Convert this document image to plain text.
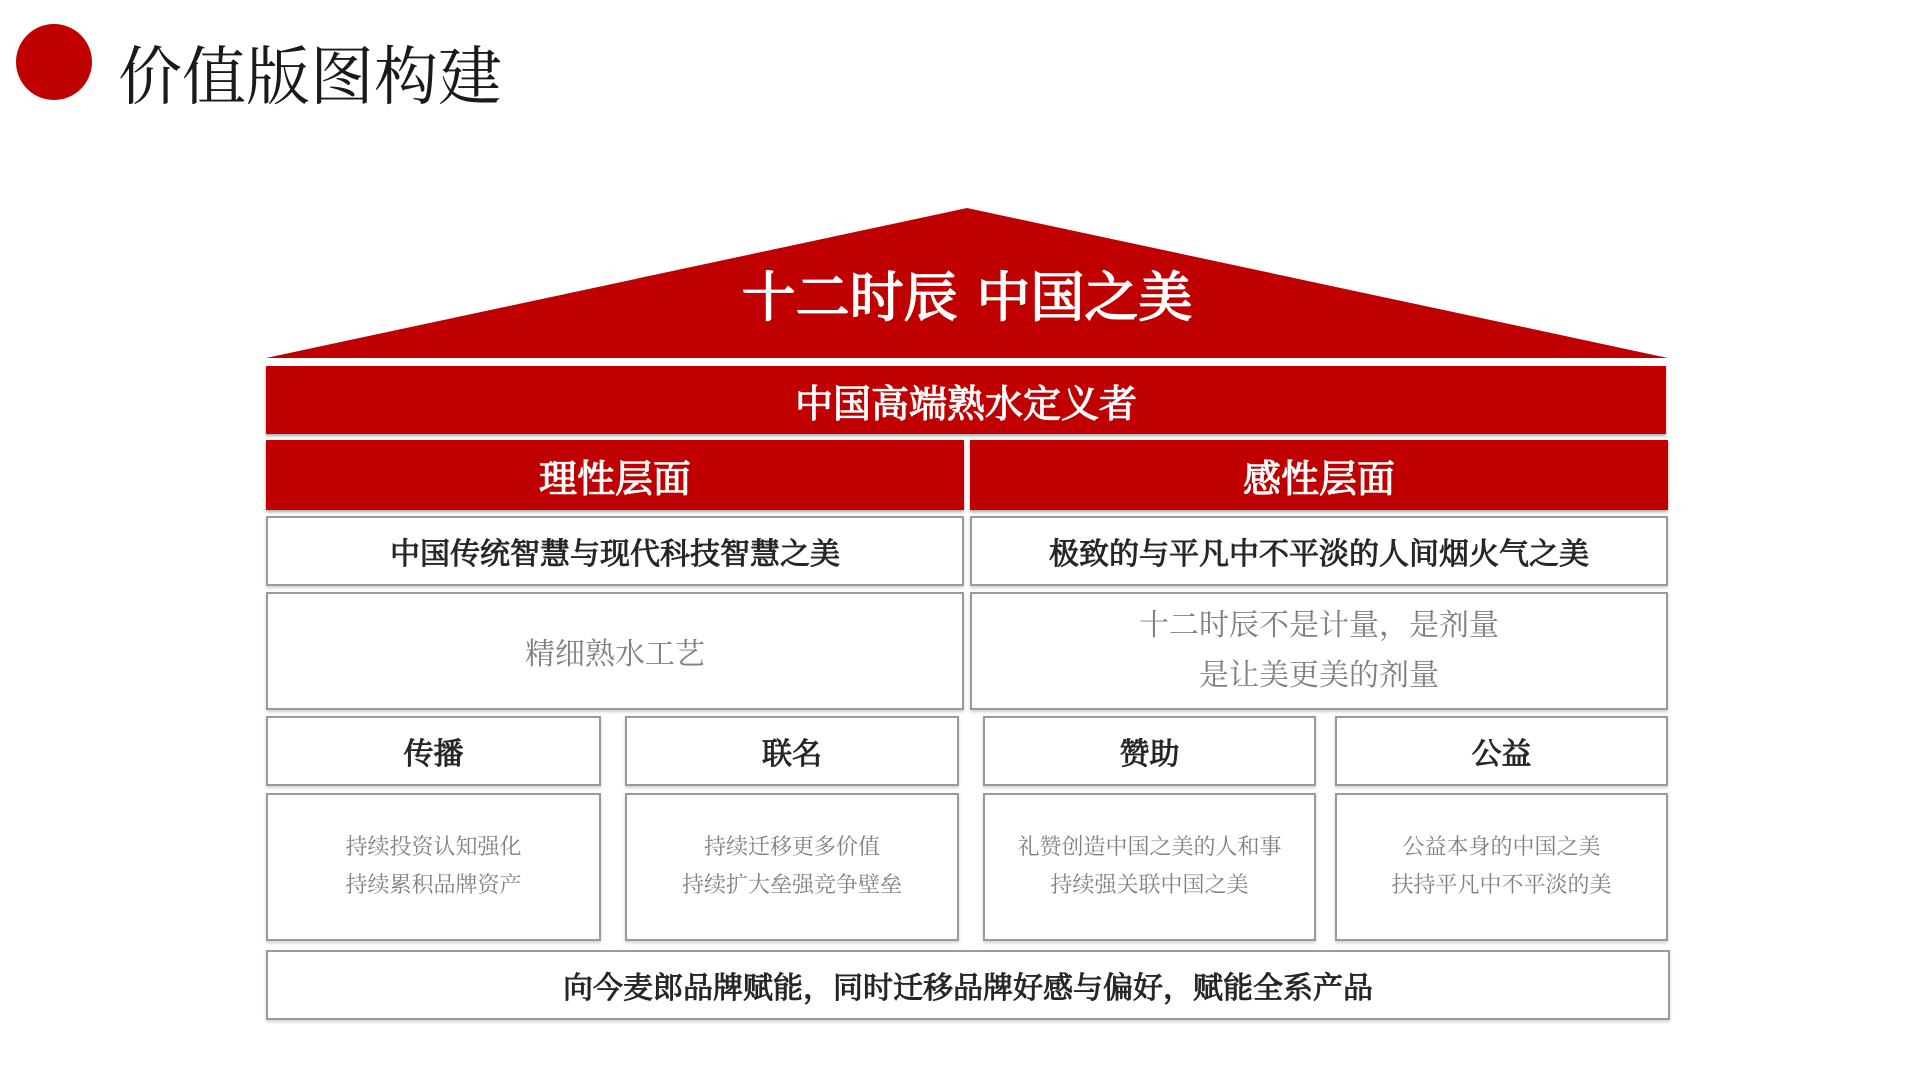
价值版图构建
十二时辰 中国之美
中国高端熟水定义者
理性层面
中国传统智慧与现代科技智慧之美
精细熟水工艺
感性层面
极致的与平凡中不平淡的人间烟火气之美
十二时辰不是计量，是剂量
是让美更美的剂量
传播	联名	赞助	公益
持续投资认知强化
持续累积品牌资产
持续迁移更多价值
持续扩大垒强竞争壁垒
礼赞创造中国之美的人和事
持续强关联中国之美
公益本身的中国之美
扶持平凡中不平淡的美
向今麦郎品牌赋能，同时迁移品牌好感与偏好，赋能全系产品
